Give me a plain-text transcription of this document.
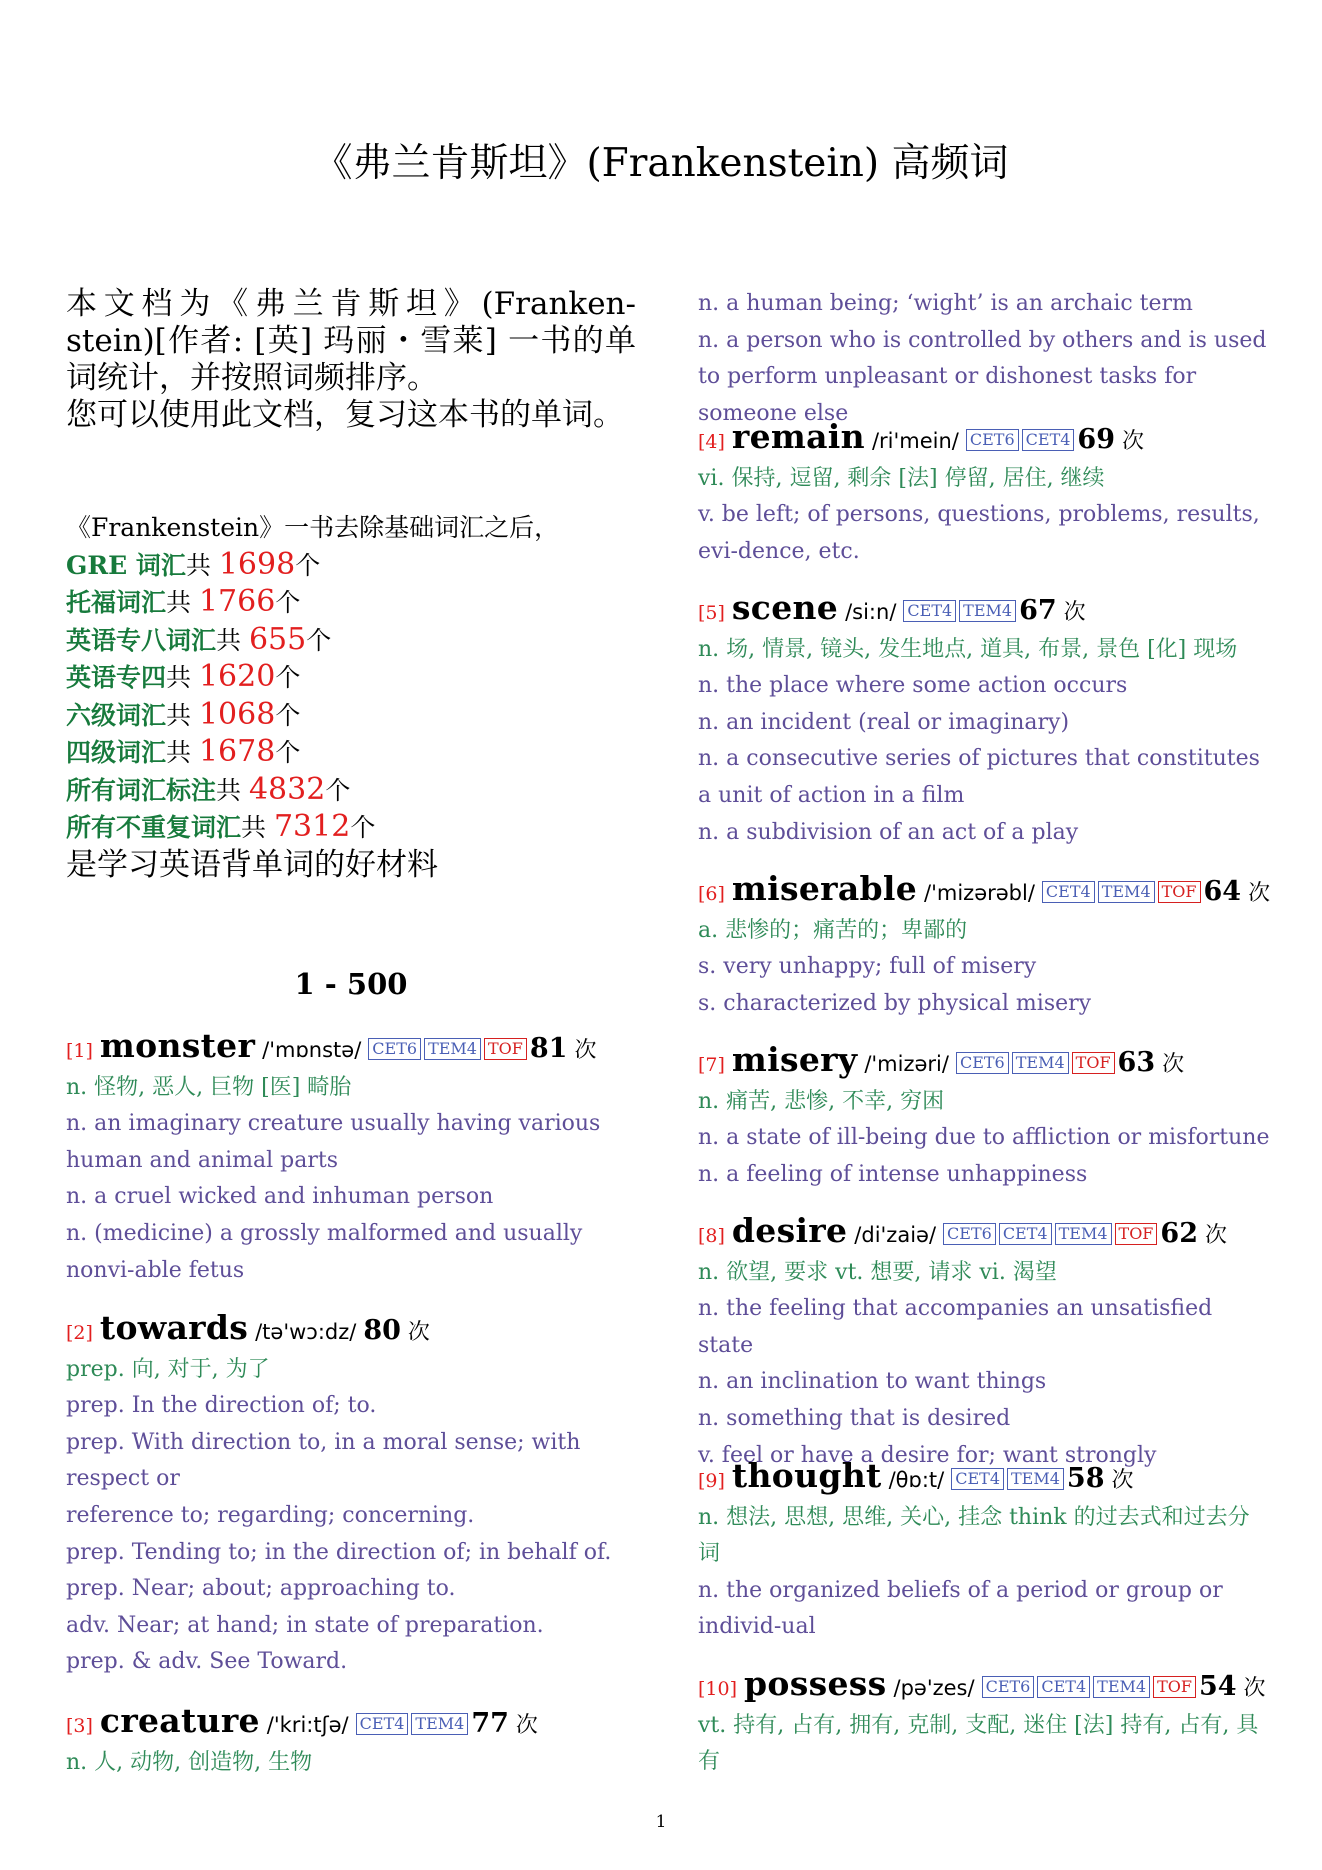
《弗兰肯斯坦》(Frankenstein) 高频词

本文档为《弗兰肯斯坦》(Franken-stein)[作者: [英] 玛丽・雪莱] 一书的单词统计，并按照词频排序。

您可以使用此文档，复习这本书的单词。

《Frankenstein》一书去除基础词汇之后，
GRE 词汇共 1698个
托福词汇共 1766个
英语专八词汇共 655个
英语专四共 1620个
六级词汇共 1068个
四级词汇共 1678个
所有词汇标注共 4832个
所有不重复词汇共 7312个
是学习英语背单词的好材料
1 - 500
[1] monster /'mɒnstə/ CET6 TEM4 TOF 81 次
n. 怪物, 恶人, 巨物 [医] 畸胎
n. an imaginary creature usually having various human and animal parts
n. a cruel wicked and inhuman person
n. (medicine) a grossly malformed and usually nonvi-able fetus
[2] towards /tə'wɔ:dz/ 80 次
prep. 向, 对于, 为了
prep. In the direction of; to.
prep. With direction to, in a moral sense; with respect or
reference to; regarding; concerning.
prep. Tending to; in the direction of; in behalf of.
prep. Near; about; approaching to.
adv. Near; at hand; in state of preparation.
prep. & adv. See Toward.
[3] creature /'kri:tʃə/ CET4 TEM4 77 次
n. 人, 动物, 创造物, 生物
n. a human being; ‘wight’ is an archaic term
n. a person who is controlled by others and is used to perform unpleasant or dishonest tasks for someone else
[4] remain /ri'mein/ CET6 CET4 69 次
vi. 保持, 逗留, 剩余 [法] 停留, 居住, 继续
v. be left; of persons, questions, problems, results, evi-dence, etc.
[5] scene /si:n/ CET4 TEM4 67 次
n. 场, 情景, 镜头, 发生地点, 道具, 布景, 景色 [化] 现场
n. the place where some action occurs
n. an incident (real or imaginary)
n. a consecutive series of pictures that constitutes a unit of action in a film
n. a subdivision of an act of a play
[6] miserable /'mizərəbl/ CET4 TEM4 TOF 64 次
a. 悲惨的；痛苦的；卑鄙的
s. very unhappy; full of misery
s. characterized by physical misery
[7] misery /'mizəri/ CET6 TEM4 TOF 63 次
n. 痛苦, 悲惨, 不幸, 穷困
n. a state of ill-being due to affliction or misfortune
n. a feeling of intense unhappiness
[8] desire /di'zaiə/ CET6 CET4 TEM4 TOF 62 次
n. 欲望, 要求 vt. 想要, 请求 vi. 渴望
n. the feeling that accompanies an unsatisfied state
n. an inclination to want things
n. something that is desired
v. feel or have a desire for; want strongly
[9] thought /θɒ:t/ CET4 TEM4 58 次
n. 想法, 思想, 思维, 关心, 挂念 think 的过去式和过去分词
n. the organized beliefs of a period or group or individ-ual
[10] possess /pə'zes/ CET6 CET4 TEM4 TOF 54 次
vt. 持有, 占有, 拥有, 克制, 支配, 迷住 [法] 持有, 占有, 具有
1
